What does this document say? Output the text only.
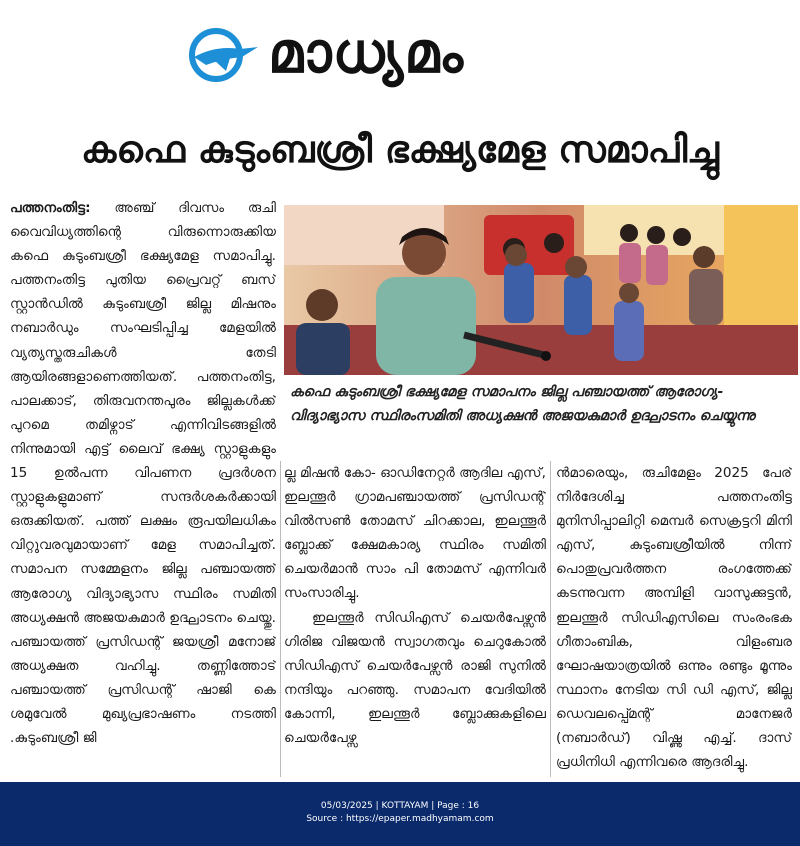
മാധ്യമം
കഫെ കുടുംബശ്രീ ഭക്ഷ്യമേള സമാപിച്ചു

പത്തനംതിട്ട: അഞ്ച് ദിവസം രുചി വൈവിധ്യത്തിന്റെ വിരുന്നൊരുക്കിയ കഫെ കുടുംബശ്രീ ഭക്ഷ്യമേള സമാപിച്ചു. പത്തനംതിട്ട പുതിയ പ്രൈവറ്റ് ബസ് സ്റ്റാൻഡിൽ കുടുംബശ്രീ ജില്ല മിഷനും നബാർഡും സംഘടിപ്പിച്ച മേളയിൽ വ്യത്യസ്തരുചികൾ തേടി ആയിരങ്ങളാണെത്തിയത്. പത്തനംതിട്ട, പാലക്കാട്, തിരുവനന്തപുരം ജില്ലകൾക്ക് പുറമെ തമിഴ്നാട് എന്നിവിടങ്ങളിൽ നിന്നുമായി എട്ട് ലൈവ് ഭക്ഷ്യ സ്റ്റാളുകളും 15 ഉൽപന്ന വിപണന പ്രദർശന സ്റ്റാളുകളുമാണ് സന്ദർശകർക്കായി ഒരുക്കിയത്. പത്ത് ലക്ഷം രൂപയിലധികം വിറ്റുവരവുമായാണ് മേള സമാപിച്ചത്. സമാപന സമ്മേളനം ജില്ല പഞ്ചായത്ത് ആരോഗ്യ വിദ്യാഭ്യാസ സ്ഥിരം സമിതി അധ്യക്ഷൻ അജയകുമാർ ഉദ്ഘാടനം ചെയ്തു. പഞ്ചായത്ത് പ്രസിഡന്റ് ജയശ്രീ മനോജ് അധ്യക്ഷത വഹിച്ചു. തണ്ണിത്തോട് പഞ്ചായത്ത് പ്രസിഡന്റ് ഷാജി കെ ശമുവേൽ മുഖ്യപ്രഭാഷണം നടത്തി .കുടുംബശ്രീ ജി

കഫെ കുടുംബശ്രീ ഭക്ഷ്യമേള സമാപനം ജില്ല പഞ്ചായത്ത് ആരോഗ്യ-വിദ്യാഭ്യാസ സ്ഥിരംസമിതി അധ്യക്ഷൻ അജയകുമാർ ഉദ്ഘാടനം ചെയ്യുന്നു

ല്ല മിഷൻ കോ- ഓഡിനേറ്റർ ആദില എസ്, ഇലന്തൂർ ഗ്രാമപഞ്ചായത്ത് പ്രസിഡന്റ് വിൽസൺ തോമസ് ചിറക്കാല, ഇലന്തൂർ ബ്ലോക്ക് ക്ഷേമകാര്യ സ്ഥിരം സമിതി ചെയർമാൻ സാം പി തോമസ് എന്നിവർ സംസാരിച്ചു.

ഇലന്തൂർ സിഡിഎസ് ചെയർപേഴ്സൻ ഗിരിജ വിജയൻ സ്വാഗതവും ചെറുകോൽ സിഡിഎസ് ചെയർപേഴ്സൻ രാജി സുനിൽ നന്ദിയും പറഞ്ഞു. സമാപന വേദിയിൽ കോന്നി, ഇലന്തൂർ ബ്ലോക്കുകളിലെ ചെയർപേഴ്സ

ൻമാരെയും, രുചിമേളം 2025 പേര് നിർദേശിച്ച പത്തനംതിട്ട മുനിസിപ്പാലിറ്റി മെമ്പർ സെക്രട്ടറി മിനി എസ്, കുടുംബശ്രീയിൽ നിന്ന് പൊതുപ്രവർത്തന രംഗത്തേക്ക് കടന്നുവന്ന അമ്പിളി വാസുക്കുട്ടൻ, ഇലന്തൂർ സിഡിഎസിലെ സംരംഭക ഗീതാംബിക, വിളംബര ഘോഷയാത്രയിൽ ഒന്നും രണ്ടും മൂന്നും സ്ഥാനം നേടിയ സി ഡി എസ്, ജില്ല ഡെവലപ്പ്മെന്റ് മാനേജർ (നബാർഡ്) വിഷ്ണു എച്ച്. ദാസ് പ്രധിനിധി എന്നിവരെ ആദരിച്ചു.

05/03/2025 | KOTTAYAM | Page : 16
Source : https://epaper.madhyamam.com
